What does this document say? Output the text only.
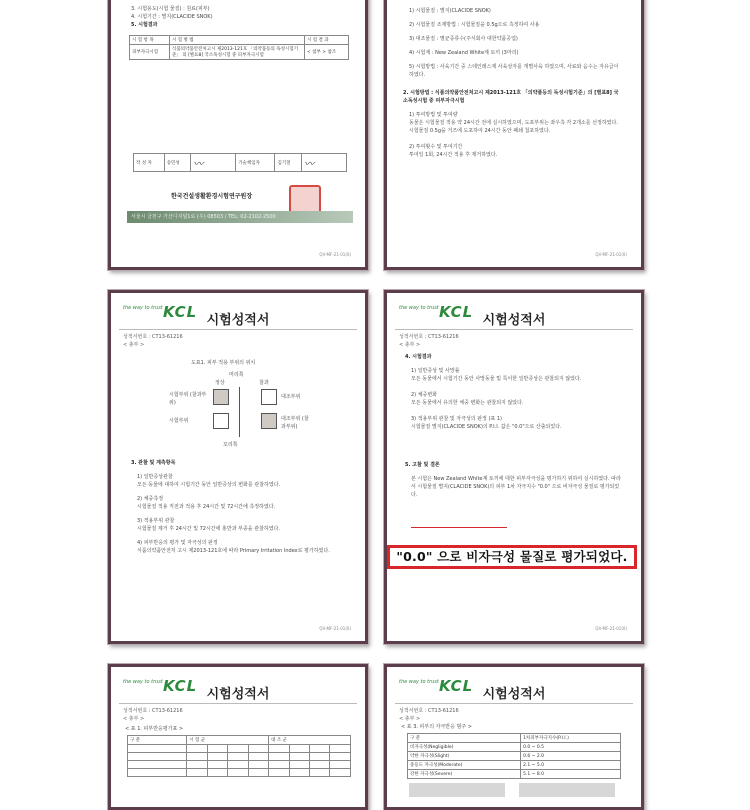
3. 시험용도(시험 물질) : 원료(피부)
4. 시험기간 : 별지(CLACIDE SNOK)
5. 시험결과
시 험 항 목	시 험 방 법	시 험 결 과
피부자극시험	식품의약품안전처고시 제2013-121호 「의약품등의 독성시험기준」 의 [별표8] 국소독성시험 중 피부자극시험	< 첨부 > 참조
작 성 자	송민성	〰	기술책임자	김기철	〰
한국건설생활환경시험연구원장
서울시 금천구 가산디지털1로 (우) 08503 / TEL: 02-2102-2500
QV-MF-21-01(0)
1) 시험물질 : 별지(CLACIDE SNOK)
2) 시험물질 조제방법 : 시험물질을 0.5g으로 측정하여 사용
3) 대조물질 : 멸균증류수(주식회사 대한약품공업)
4) 시험계 : New Zealand White계 토끼 (3마리)
5) 시험방법 : 사육기간 중 스테인레스제 사육상자를 개별사육 하였으며, 사료와 음수는 자유급이 하였다.
2. 시험방법 : 식품의약품안전처고시 제2013-121호 「의약품등의 독성시험기준」의 [별표8] 국소독성시험 중 피부자극시험
1) 투여방법 및 투여량
동물은 시험물질 적용 약 24시간 전에 실시하였으며, 도포부위는 좌우측 각 2개소를 선정하였다. 시험물질 0.5g을 거즈에 도포하여 24시간 동안 폐쇄 첩포하였다.
2) 투여횟수 및 투여기간
투여일 1회, 24시간 적용 후 제거하였다.
QV-MF-21-01(0)
the way to trust KCL 시험성적서
성적서번호 : CT13-61216
< 총부 >
도표1. 피부 적용 부위의 위치
머리쪽
정상	찰과
시험부위 (찰과부위)
대조부위
시험부위	대조부위 (찰과부위)
꼬리쪽
3. 관찰 및 계측항목
1) 일반증상관찰
모든 동물에 대하여 시험기간 동안 일반증상의 변화를 관찰하였다.
2) 체중측정
시험물질 적용 직전과 적용 후 24시간 및 72시간에 측정하였다.
3) 적용부위 관찰
시험물질 제거 후 24시간 및 72시간에 홍반과 부종을 관찰하였다.
4) 피부반응의 평가 및 자극성의 판정
식품의약품안전처 고시 제2013-121호에 따라 Primary Irritation Index로 평가하였다.
QV-MF-21-01(0)
the way to trust KCL 시험성적서
성적서번호 : CT13-61216
< 총부 >
4. 시험결과
1) 일반증상 및 사망률
모든 동물에서 시험기간 동안 사망동물 및 특이한 일반증상은 관찰되지 않았다.
2) 체중변화
모든 동물에서 유의한 체중 변화는 관찰되지 않았다.
3) 적용부위 관찰 및 자극성의 판정 (표 1)
시험물질 별지(CLACIDE SNOK)의 P.I.I. 값은 "0.0"으로 산출되었다.
5. 고찰 및 결론
본 시험은 New Zealand White계 토끼에 대한 피부자극성을 평가하기 위하여 실시하였다. 따라서 시험물질 별지(CLACIDE SNOK)의 피부 1차 자극지수 "0.0" 으로 비자극성 물질로 평가되었다.
QV-MF-21-01(0)
"0.0" 으로 비자극성 물질로 평가되었다.
the way to trust KCL 시험성적서
성적서번호 : CT13-61216
< 총부 >
< 표 1. 피부반응평가표 >
구 분	시 험 군				대 조 군			

the way to trust KCL 시험성적서
성적서번호 : CT13-61216
< 총부 >
< 표 3. 피부의 자극반응 범주 >
구 분	1차피부자극지수(P.I.I.)
비자극성(Negligible)	0.0 ~ 0.5
약한 자극성(Slight)	0.6 ~ 2.0
중등도 자극성(Moderate)	2.1 ~ 5.0
강한 자극성(Severe)	5.1 ~ 8.0
